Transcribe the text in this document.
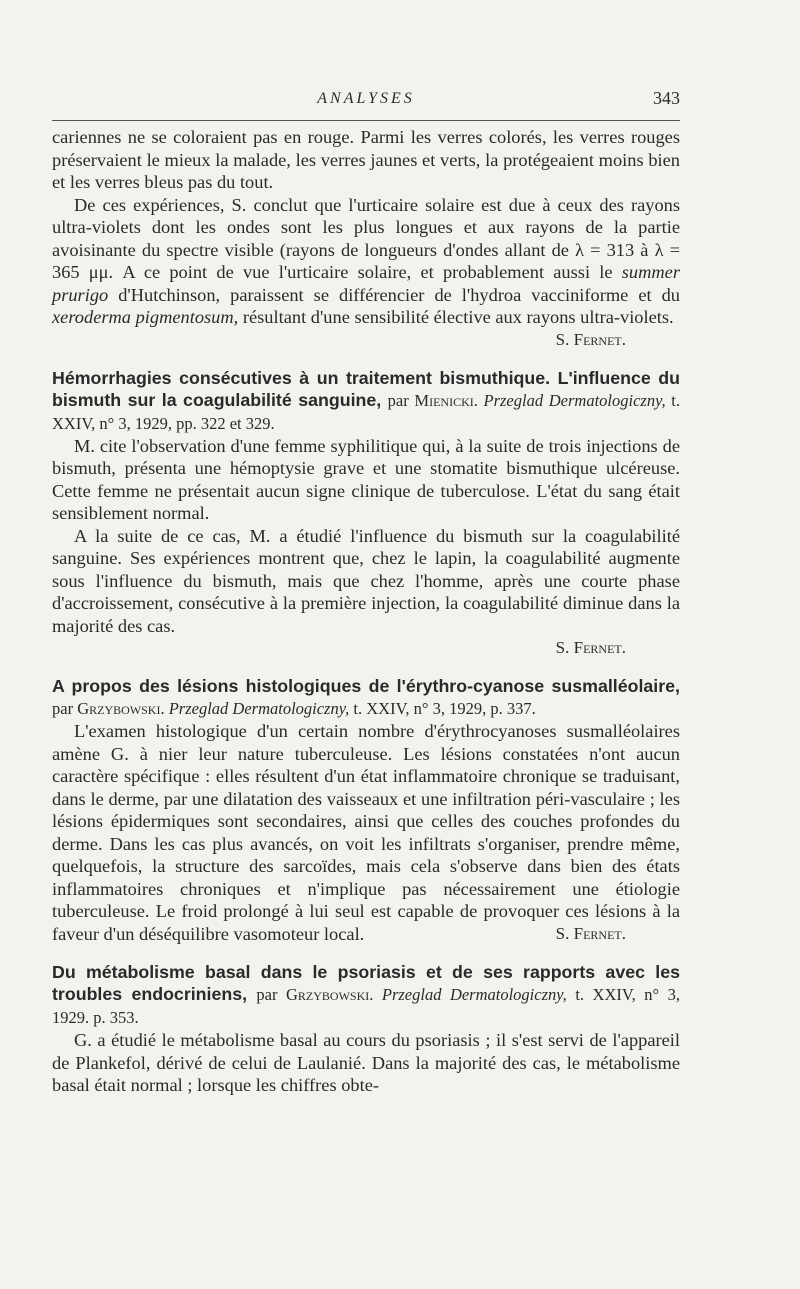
ANALYSES	343

cariennes ne se coloraient pas en rouge. Parmi les verres colorés, les verres rouges préservaient le mieux la malade, les verres jaunes et verts, la protégeaient moins bien et les verres bleus pas du tout.

De ces expériences, S. conclut que l'urticaire solaire est due à ceux des rayons ultra-violets dont les ondes sont les plus longues et aux rayons de la partie avoisinante du spectre visible (rayons de longueurs d'ondes allant de λ = 313 à λ = 365 μμ. A ce point de vue l'urticaire solaire, et probablement aussi le summer prurigo d'Hutchinson, paraissent se différencier de l'hydroa vacciniforme et du xeroderma pigmentosum, résultant d'une sensibilité élective aux rayons ultra-violets.

S. Fernet.
Hémorrhagies consécutives à un traitement bismuthique. L'influence du bismuth sur la coagulabilité sanguine, par Mienicki. Przeglad Dermatologiczny, t. XXIV, n° 3, 1929, pp. 322 et 329.

M. cite l'observation d'une femme syphilitique qui, à la suite de trois injections de bismuth, présenta une hémoptysie grave et une stomatite bismuthique ulcéreuse. Cette femme ne présentait aucun signe clinique de tuberculose. L'état du sang était sensiblement normal.

A la suite de ce cas, M. a étudié l'influence du bismuth sur la coagulabilité sanguine. Ses expériences montrent que, chez le lapin, la coagulabilité augmente sous l'influence du bismuth, mais que chez l'homme, après une courte phase d'accroissement, consécutive à la première injection, la coagulabilité diminue dans la majorité des cas.

S. Fernet.
A propos des lésions histologiques de l'érythro-cyanose susmalléolaire, par Grzybowski. Przeglad Dermatologiczny, t. XXIV, n° 3, 1929, p. 337.

L'examen histologique d'un certain nombre d'érythrocyanoses susmalléolaires amène G. à nier leur nature tuberculeuse. Les lésions constatées n'ont aucun caractère spécifique : elles résultent d'un état inflammatoire chronique se traduisant, dans le derme, par une dilatation des vaisseaux et une infiltration péri-vasculaire ; les lésions épidermiques sont secondaires, ainsi que celles des couches profondes du derme. Dans les cas plus avancés, on voit les infiltrats s'organiser, prendre même, quelquefois, la structure des sarcoïdes, mais cela s'observe dans bien des états inflammatoires chroniques et n'implique pas nécessairement une étiologie tuberculeuse. Le froid prolongé à lui seul est capable de provoquer ces lésions à la faveur d'un déséquilibre vasomoteur local.	S. Fernet.
Du métabolisme basal dans le psoriasis et de ses rapports avec les troubles endocriniens, par Grzybowski. Przeglad Dermatologiczny, t. XXIV, n° 3, 1929. p. 353.

G. a étudié le métabolisme basal au cours du psoriasis ; il s'est servi de l'appareil de Plankefol, dérivé de celui de Laulanié. Dans la majorité des cas, le métabolisme basal était normal ; lorsque les chiffres obte-
